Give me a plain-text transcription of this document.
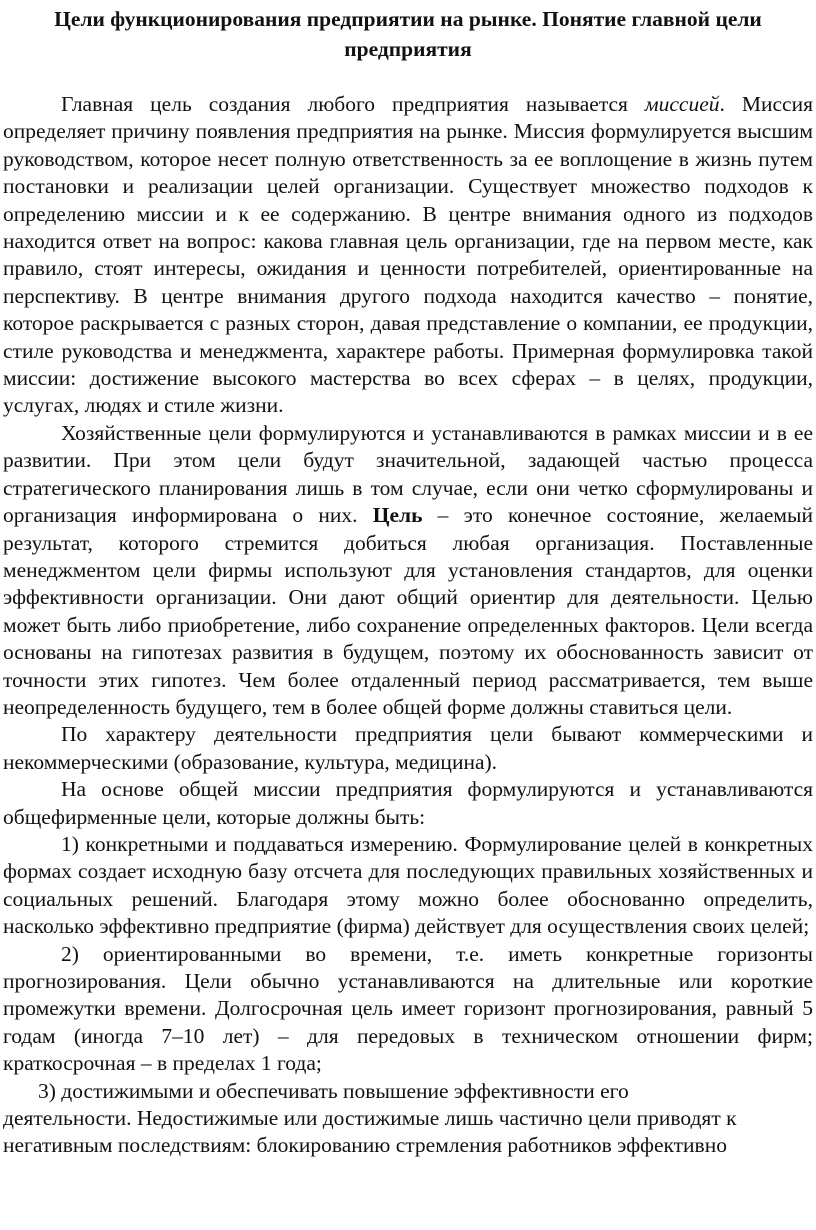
Цели функционирования предприятии на рынке. Понятие главной цели предприятия

Главная цель создания любого предприятия называется миссией. Миссия определяет причину появления предприятия на рынке. Миссия формулируется высшим руководством, которое несет полную ответственность за ее воплощение в жизнь путем постановки и реализации целей организации. Существует множество подходов к определению миссии и к ее содержанию. В центре внимания одного из подходов находится ответ на вопрос: какова главная цель организации, где на первом месте, как правило, стоят интересы, ожидания и ценности потребителей, ориентированные на перспективу. В центре внимания другого подхода находится качество – понятие, которое раскрывается с разных сторон, давая представление о компании, ее продукции, стиле руководства и менеджмента, характере работы. Примерная формулировка такой миссии: достижение высокого мастерства во всех сферах – в целях, продукции, услугах, людях и стиле жизни.

Хозяйственные цели формулируются и устанавливаются в рамках миссии и в ее развитии. При этом цели будут значительной, задающей частью процесса стратегического планирования лишь в том случае, если они четко сформулированы и организация информирована о них. Цель – это конечное состояние, желаемый результат, которого стремится добиться любая организация. Поставленные менеджментом цели фирмы используют для установления стандартов, для оценки эффективности организации. Они дают общий ориентир для деятельности. Целью может быть либо приобретение, либо сохранение определенных факторов. Цели всегда основаны на гипотезах развития в будущем, поэтому их обоснованность зависит от точности этих гипотез. Чем более отдаленный период рассматривается, тем выше неопределенность будущего, тем в более общей форме должны ставиться цели.

По характеру деятельности предприятия цели бывают коммерческими и некоммерческими (образование, культура, медицина).

На основе общей миссии предприятия формулируются и устанавливаются общефирменные цели, которые должны быть:

1) конкретными и поддаваться измерению. Формулирование целей в конкретных формах создает исходную базу отсчета для последующих правильных хозяйственных и социальных решений. Благодаря этому можно более обоснованно определить, насколько эффективно предприятие (фирма) действует для осуществления своих целей;

2) ориентированными во времени, т.е. иметь конкретные горизонты прогнозирования. Цели обычно устанавливаются на длительные или короткие промежутки времени. Долгосрочная цель имеет горизонт прогнозирования, равный 5 годам (иногда 7–10 лет) – для передовых в техническом отношении фирм; краткосрочная – в пределах 1 года;

3) достижимыми и обеспечивать повышение эффективности его
деятельности. Недостижимые или достижимые лишь частично цели приводят к негативным последствиям: блокированию стремления работников эффективно
